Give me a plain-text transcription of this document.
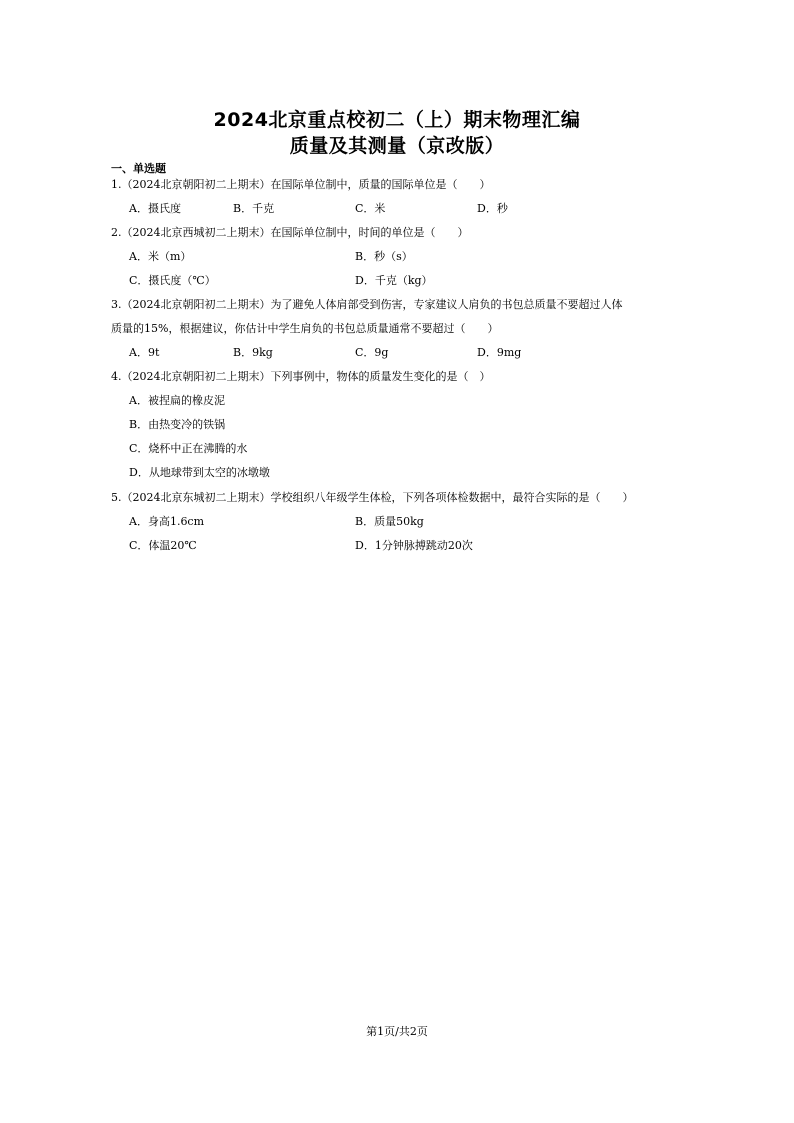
2024北京重点校初二（上）期末物理汇编
质量及其测量（京改版）
一、单选题
1.（2024北京朝阳初二上期末）在国际单位制中，质量的国际单位是（　　）
A．摄氏度	B．千克	C．米	D．秒
2.（2024北京西城初二上期末）在国际单位制中，时间的单位是（　　）
A．米（m）	B．秒（s）
C．摄氏度（℃）	D．千克（kg）
3.（2024北京朝阳初二上期末）为了避免人体肩部受到伤害，专家建议人肩负的书包总质量不要超过人体
质量的15%，根据建议，你估计中学生肩负的书包总质量通常不要超过（　　）
A．9t	B．9kg	C．9g	D．9mg
4.（2024北京朝阳初二上期末）下列事例中，物体的质量发生变化的是（　）
A．被捏扁的橡皮泥
B．由热变冷的铁锅
C．烧杯中正在沸腾的水
D．从地球带到太空的冰墩墩
5.（2024北京东城初二上期末）学校组织八年级学生体检，下列各项体检数据中，最符合实际的是（　　）
A．身高1.6cm	B．质量50kg
C．体温20℃	D．1分钟脉搏跳动20次
第1页/共2页
